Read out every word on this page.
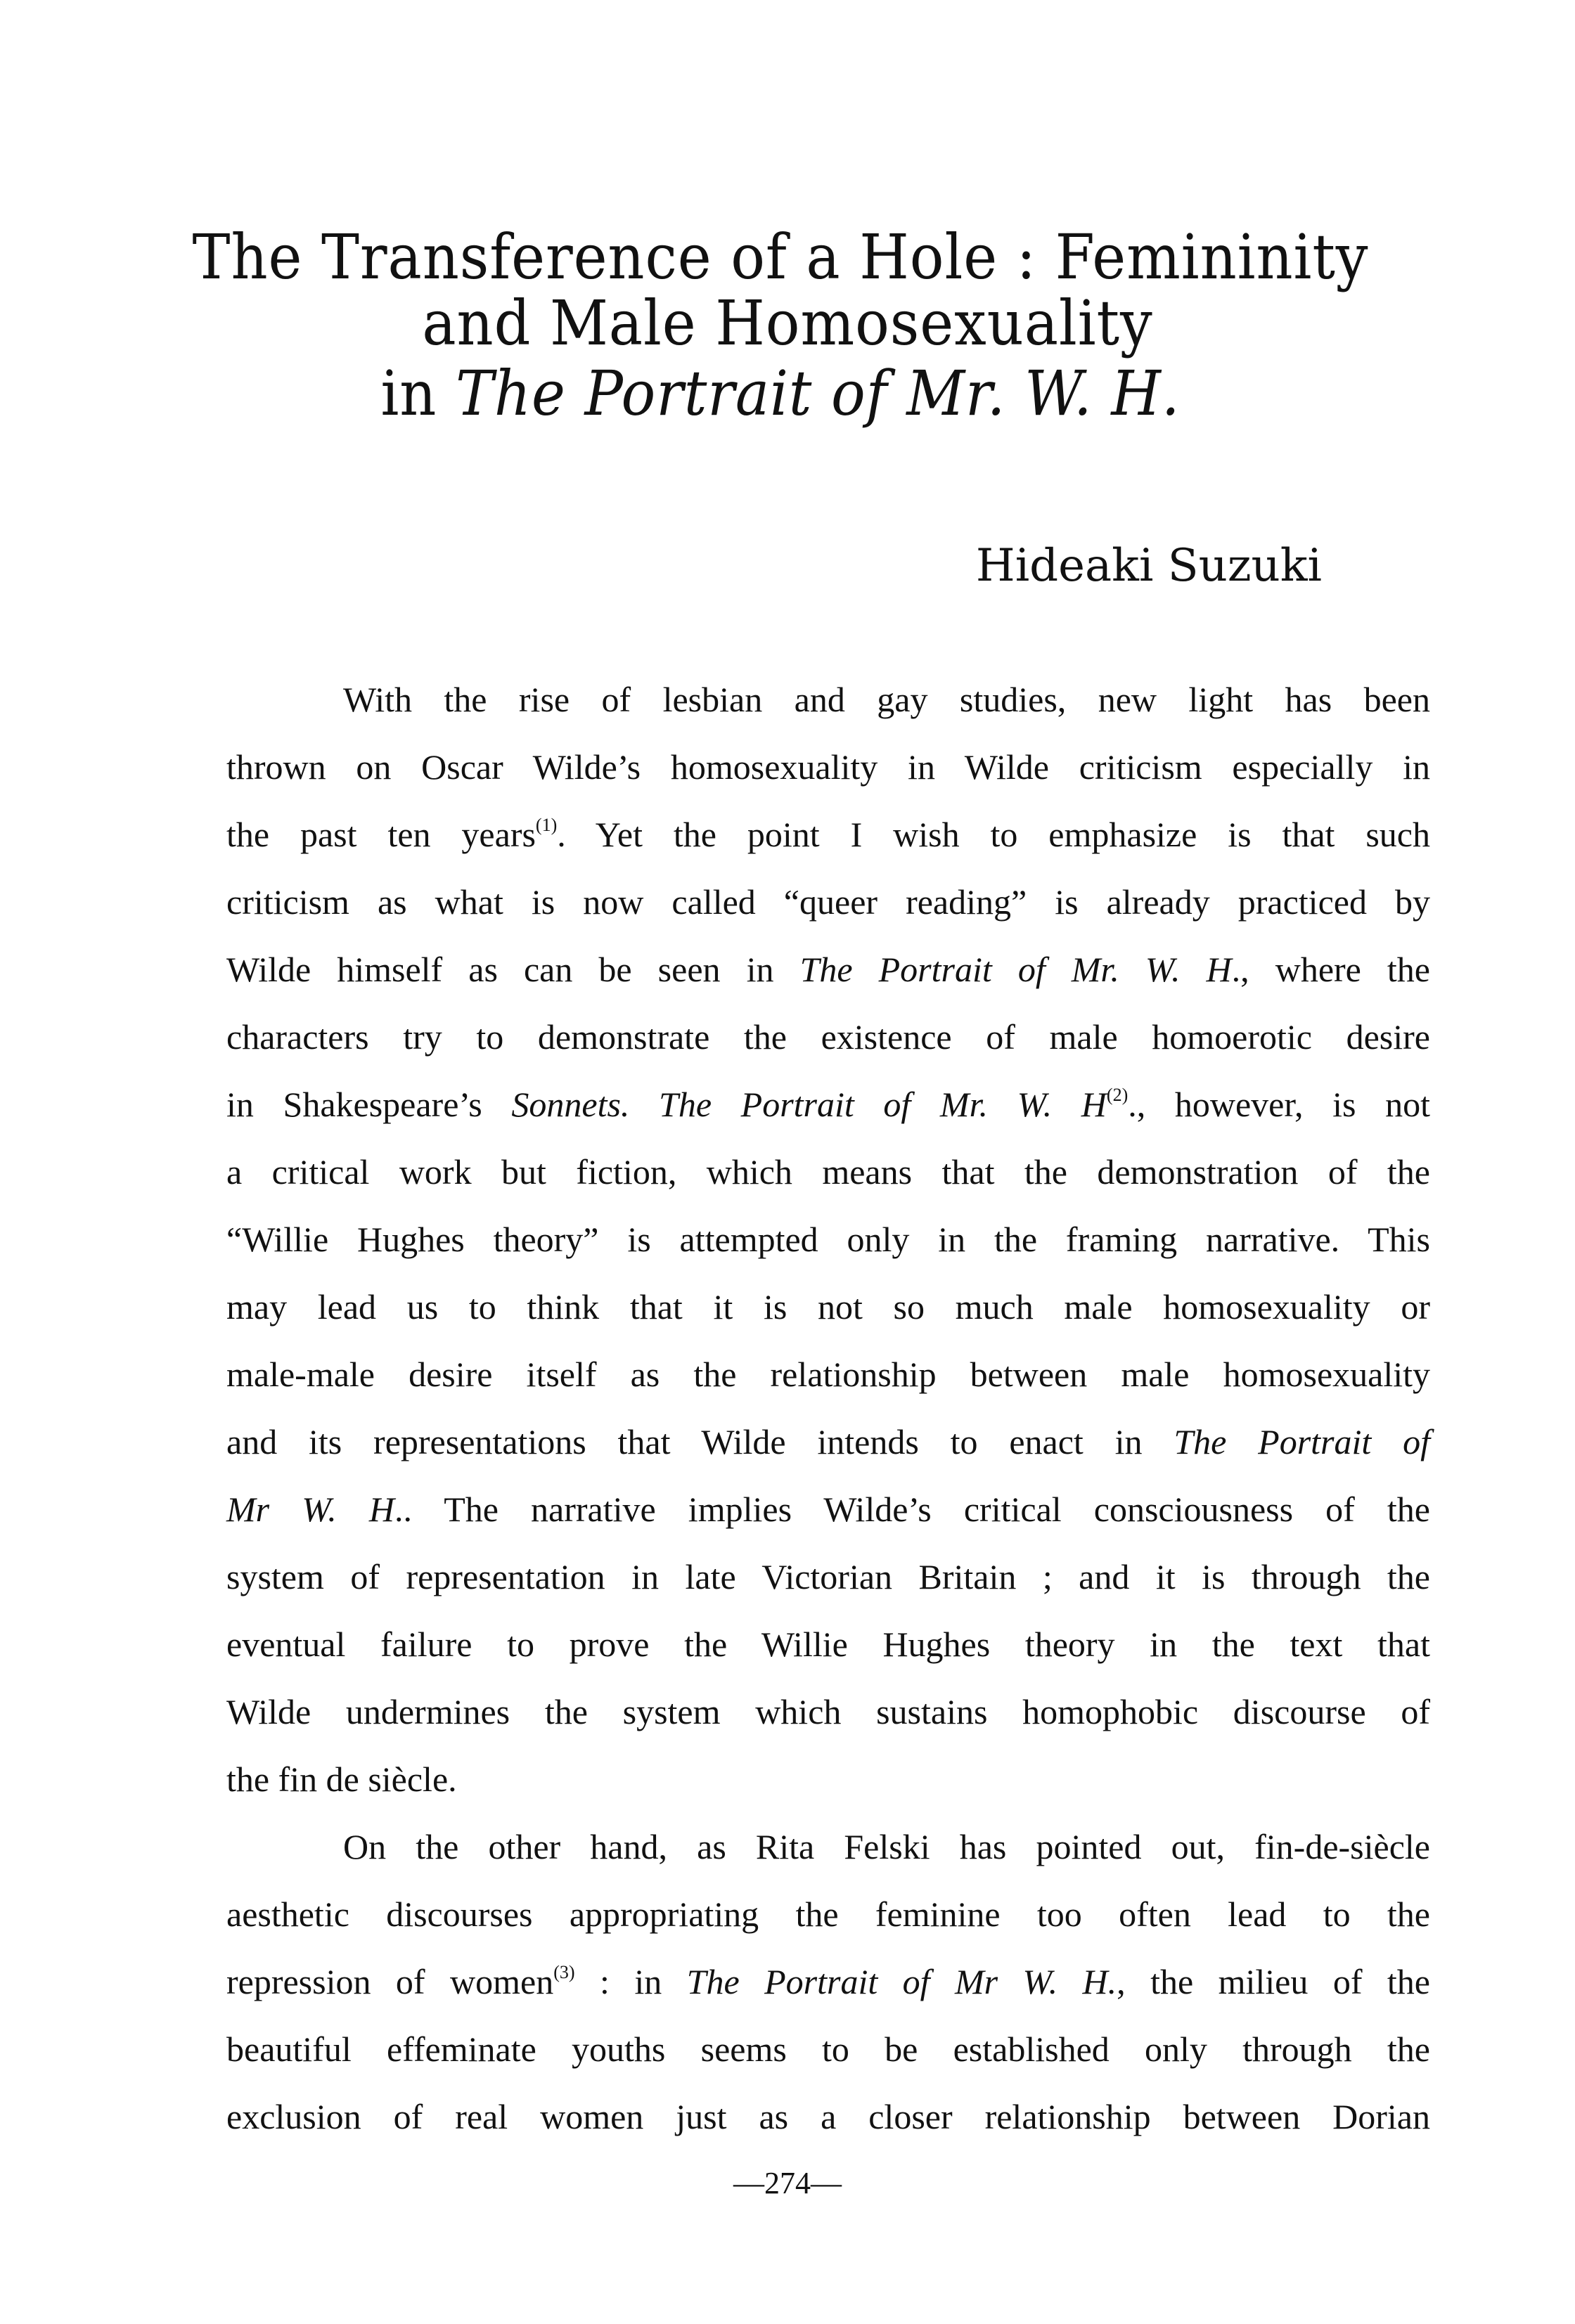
The Transference of a Hole : Femininity
and Male Homosexuality
in The Portrait of Mr. W. H.
Hideaki Suzuki
With the rise of lesbian and gay studies, new light has been
thrown on Oscar Wilde’s homosexuality in Wilde criticism especially in
the past ten years$^{(1)}$. Yet the point I wish to emphasize is that such
criticism as what is now called “queer reading” is already practiced by
Wilde himself as can be seen in The Portrait of Mr. W. H., where the
characters try to demonstrate the existence of male homoerotic desire
in Shakespeare’s Sonnets. The Portrait of Mr. W. $H^{(2)}$., however, is not
a critical work but fiction, which means that the demonstration of the
“Willie Hughes theory” is attempted only in the framing narrative. This
may lead us to think that it is not so much male homosexuality or
male-male desire itself as the relationship between male homosexuality
and its representations that Wilde intends to enact in The Portrait of
Mr W. H.. The narrative implies Wilde’s critical consciousness of the
system of representation in late Victorian Britain ; and it is through the
eventual failure to prove the Willie Hughes theory in the text that
Wilde undermines the system which sustains homophobic discourse of
the fin de siècle.
On the other hand, as Rita Felski has pointed out, fin-de-siècle
aesthetic discourses appropriating the feminine too often lead to the
repression of women$^{(3)}$ : in The Portrait of Mr W. H., the milieu of the
beautiful effeminate youths seems to be established only through the
exclusion of real women just as a closer relationship between Dorian
—274—
